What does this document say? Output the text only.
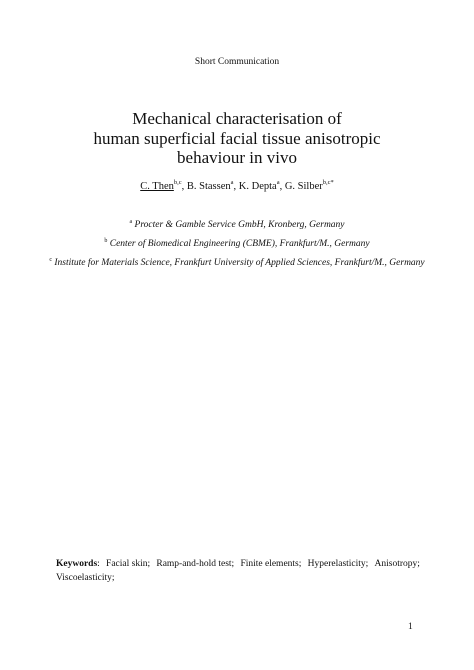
Short Communication
Mechanical characterisation of
human superficial facial tissue anisotropic
behaviour in vivo
C. Then$^{b,c}$, B. Stassen$^a$, K. Depta$^a$, G. Silber$^{b,c*}$
$^a$ Procter & Gamble Service GmbH, Kronberg, Germany
$^b$ Center of Biomedical Engineering (CBME), Frankfurt/M., Germany
$^c$ Institute for Materials Science, Frankfurt University of Applied Sciences, Frankfurt/M., Germany
Keywords: Facial skin; Ramp-and-hold test; Finite elements; Hyperelasticity; Anisotropy;
Viscoelasticity;
1
